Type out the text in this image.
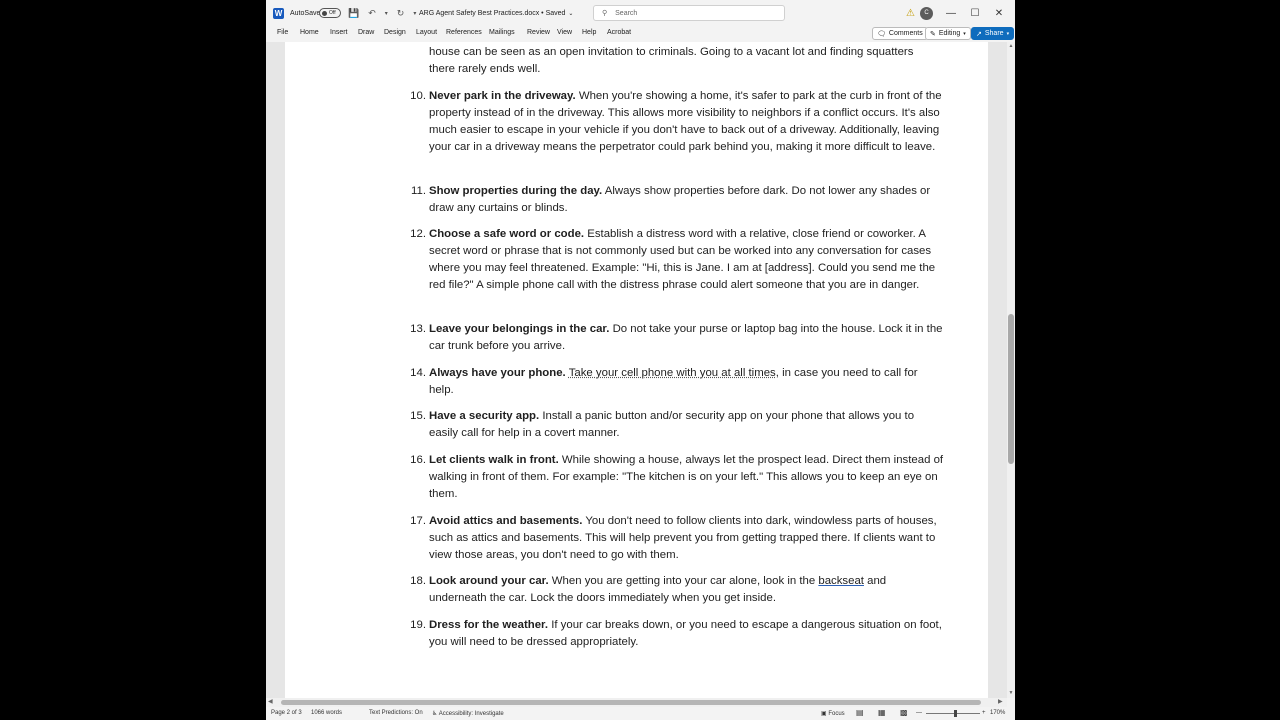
W AutoSave Off 💾 ↶ ▾ ↻ ▾ ARG Agent Safety Best Practices.docx • Saved ⌄	⚲ Search	⚠	C	—	☐	✕
File Home Insert Draw Design Layout References Mailings Review View Help Acrobat	🗨 Comments ✎ Editing ▾ ↗ Share ▾
house can be seen as an open invitation to criminals. Going to a vacant lot and finding squatters
there rarely ends well.
10. Never park in the driveway. When you're showing a home, it's safer to park at the curb in front of the property instead of in the driveway. This allows more visibility to neighbors if a conflict occurs. It's also much easier to escape in your vehicle if you don't have to back out of a driveway. Additionally, leaving your car in a driveway means the perpetrator could park behind you, making it more difficult to leave.
11. Show properties during the day. Always show properties before dark. Do not lower any shades or draw any curtains or blinds.
12. Choose a safe word or code. Establish a distress word with a relative, close friend or coworker. A secret word or phrase that is not commonly used but can be worked into any conversation for cases where you may feel threatened. Example: "Hi, this is Jane. I am at [address]. Could you send me the red file?" A simple phone call with the distress phrase could alert someone that you are in danger.
13. Leave your belongings in the car. Do not take your purse or laptop bag into the house. Lock it in the car trunk before you arrive.
14. Always have your phone. Take your cell phone with you at all times, in case you need to call for help.
15. Have a security app. Install a panic button and/or security app on your phone that allows you to easily call for help in a covert manner.
16. Let clients walk in front. While showing a house, always let the prospect lead. Direct them instead of walking in front of them. For example: "The kitchen is on your left." This allows you to keep an eye on them.
17. Avoid attics and basements. You don't need to follow clients into dark, windowless parts of houses, such as attics and basements. This will help prevent you from getting trapped there. If clients want to view those areas, you don't need to go with them.
18. Look around your car. When you are getting into your car alone, look in the backseat and underneath the car. Lock the doors immediately when you get inside.
19. Dress for the weather. If your car breaks down, or you need to escape a dangerous situation on foot, you will need to be dressed appropriately.
▲
▼
◀	▶
Page 2 of 3 1066 words	Text Predictions: On ♿ Accessibility: Investigate	▣ Focus ▤ ▦ ▩ —	+ 170%
